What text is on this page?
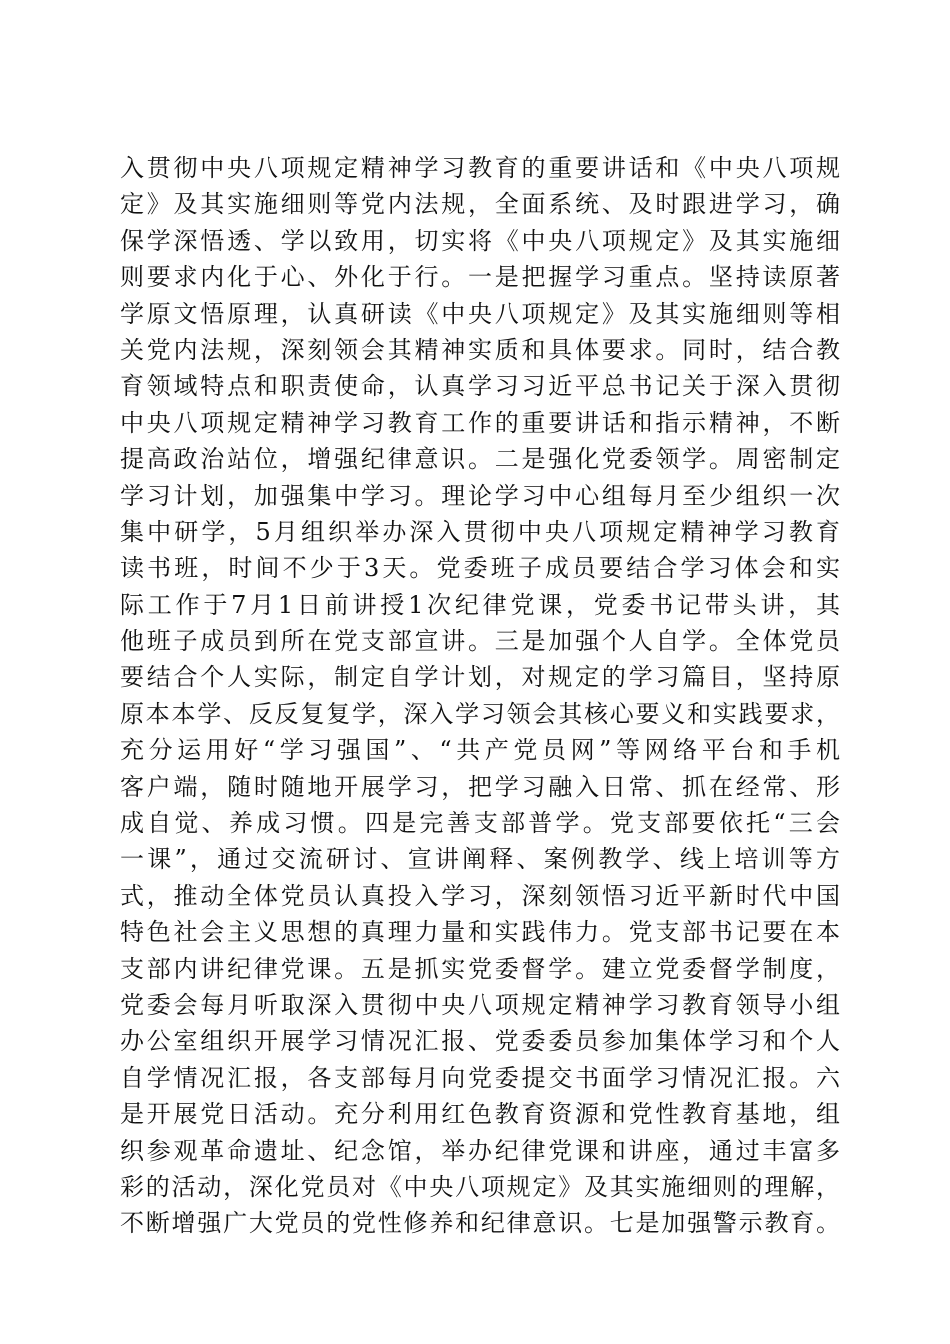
入贯彻中央八项规定精神学习教育的重要讲话和《中央八项规
定》及其实施细则等党内法规，全面系统、及时跟进学习，确
保学深悟透、学以致用，切实将《中央八项规定》及其实施细
则要求内化于心、外化于行。一是把握学习重点。坚持读原著
学原文悟原理，认真研读《中央八项规定》及其实施细则等相
关党内法规，深刻领会其精神实质和具体要求。同时，结合教
育领域特点和职责使命，认真学习习近平总书记关于深入贯彻
中央八项规定精神学习教育工作的重要讲话和指示精神，不断
提高政治站位，增强纪律意识。二是强化党委领学。周密制定
学习计划，加强集中学习。理论学习中心组每月至少组织一次
集中研学，5月组织举办深入贯彻中央八项规定精神学习教育
读书班，时间不少于3天。党委班子成员要结合学习体会和实
际工作于7月1日前讲授1次纪律党课，党委书记带头讲，其
他班子成员到所在党支部宣讲。三是加强个人自学。全体党员
要结合个人实际，制定自学计划，对规定的学习篇目，坚持原
原本本学、反反复复学，深入学习领会其核心要义和实践要求，
充分运用好“学习强国”、“共产党员网”等网络平台和手机
客户端，随时随地开展学习，把学习融入日常、抓在经常、形
成自觉、养成习惯。四是完善支部普学。党支部要依托“三会
一课”，通过交流研讨、宣讲阐释、案例教学、线上培训等方
式，推动全体党员认真投入学习，深刻领悟习近平新时代中国
特色社会主义思想的真理力量和实践伟力。党支部书记要在本
支部内讲纪律党课。五是抓实党委督学。建立党委督学制度，
党委会每月听取深入贯彻中央八项规定精神学习教育领导小组
办公室组织开展学习情况汇报、党委委员参加集体学习和个人
自学情况汇报，各支部每月向党委提交书面学习情况汇报。六
是开展党日活动。充分利用红色教育资源和党性教育基地，组
织参观革命遗址、纪念馆，举办纪律党课和讲座，通过丰富多
彩的活动，深化党员对《中央八项规定》及其实施细则的理解，
不断增强广大党员的党性修养和纪律意识。七是加强警示教育。
